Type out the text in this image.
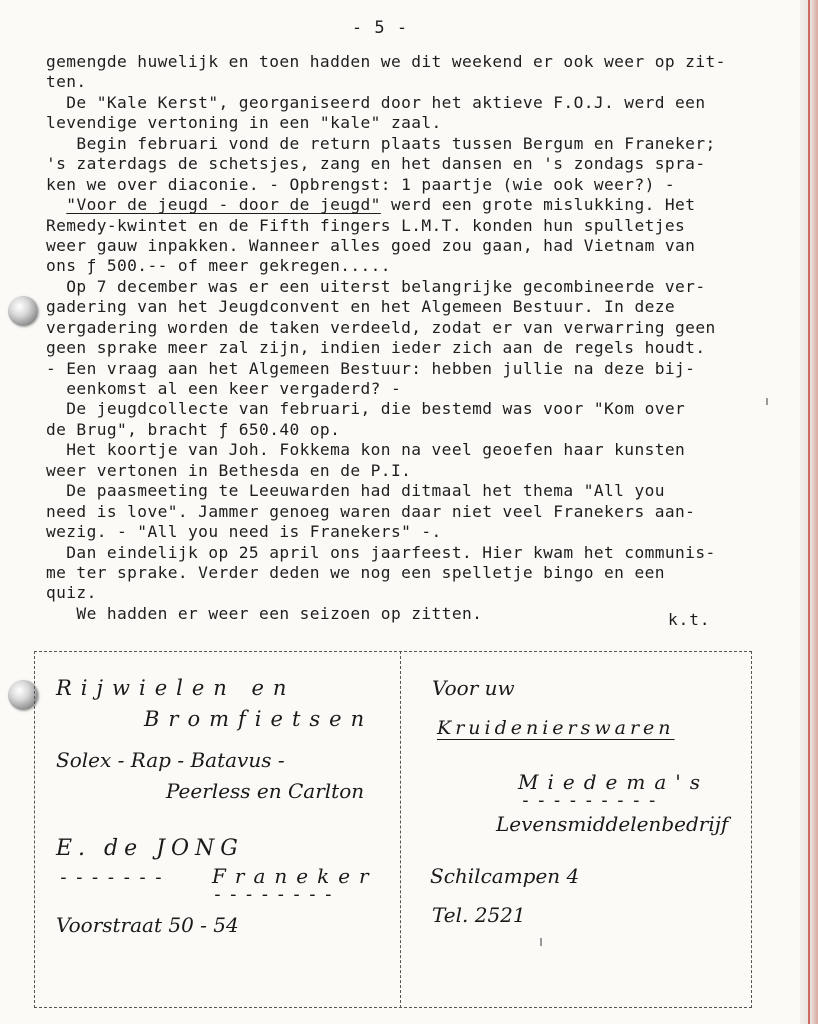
- 5 -
gemengde huwelijk en toen hadden we dit weekend er ook weer op zit-
ten.
De "Kale Kerst", georganiseerd door het aktieve F.O.J. werd een
levendige vertoning in een "kale" zaal.
Begin februari vond de return plaats tussen Bergum en Franeker;
's zaterdags de schetsjes, zang en het dansen en 's zondags spra-
ken we over diaconie. - Opbrengst: 1 paartje (wie ook weer?) -
"Voor de jeugd - door de jeugd" werd een grote mislukking. Het
Remedy-kwintet en de Fifth fingers L.M.T. konden hun spulletjes
weer gauw inpakken. Wanneer alles goed zou gaan, had Vietnam van
ons ƒ 500.-- of meer gekregen.....
Op 7 december was er een uiterst belangrijke gecombineerde ver-
gadering van het Jeugdconvent en het Algemeen Bestuur. In deze
vergadering worden de taken verdeeld, zodat er van verwarring geen
geen sprake meer zal zijn, indien ieder zich aan de regels houdt.
- Een vraag aan het Algemeen Bestuur: hebben jullie na deze bij-
eenkomst al een keer vergaderd? -
De jeugdcollecte van februari, die bestemd was voor "Kom over
de Brug", bracht ƒ 650.40 op.
Het koortje van Joh. Fokkema kon na veel geoefen haar kunsten
weer vertonen in Bethesda en de P.I.
De paasmeeting te Leeuwarden had ditmaal het thema "All you
need is love". Jammer genoeg waren daar niet veel Franekers aan-
wezig. - "All you need is Franekers" -.
Dan eindelijk op 25 april ons jaarfeest. Hier kwam het communis-
me ter sprake. Verder deden we nog een spelletje bingo en een
quiz.
We hadden er weer een seizoen op zitten.	k.t.
Rijwielen en
Bromfietsen
Solex - Rap - Batavus -
Peerless en Carlton
E. de JONG
------- Franeker
--------
Voorstraat 50 - 54
Voor uw
Kruidenierswaren
Miedema's
---------
Levensmiddelenbedrijf
Schilcampen 4
Tel. 2521
